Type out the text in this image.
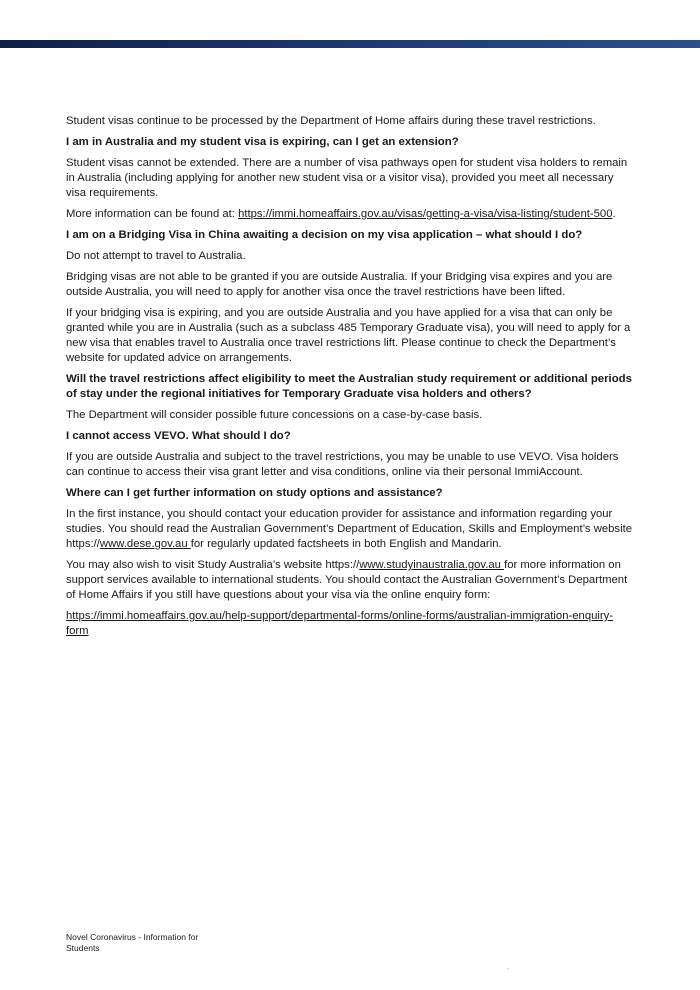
Student visas continue to be processed by the Department of Home affairs during these travel restrictions.

I am in Australia and my student visa is expiring, can I get an extension?

Student visas cannot be extended. There are a number of visa pathways open for student visa holders to remain in Australia (including applying for another new student visa or a visitor visa), provided you meet all necessary visa requirements.

More information can be found at: https://immi.homeaffairs.gov.au/visas/getting-a-visa/visa-listing/student-500.

I am on a Bridging Visa in China awaiting a decision on my visa application – what should I do?

Do not attempt to travel to Australia.

Bridging visas are not able to be granted if you are outside Australia. If your Bridging visa expires and you are outside Australia, you will need to apply for another visa once the travel restrictions have been lifted.

If your bridging visa is expiring, and you are outside Australia and you have applied for a visa that can only be granted while you are in Australia (such as a subclass 485 Temporary Graduate visa), you will need to apply for a new visa that enables travel to Australia once travel restrictions lift. Please continue to check the Department’s website for updated advice on arrangements.

Will the travel restrictions affect eligibility to meet the Australian study requirement or additional periods of stay under the regional initiatives for Temporary Graduate visa holders and others?

The Department will consider possible future concessions on a case-by-case basis.

I cannot access VEVO. What should I do?

If you are outside Australia and subject to the travel restrictions, you may be unable to use VEVO. Visa holders can continue to access their visa grant letter and visa conditions, online via their personal ImmiAccount.

Where can I get further information on study options and assistance?

In the first instance, you should contact your education provider for assistance and information regarding your studies. You should read the Australian Government’s Department of Education, Skills and Employment’s website https://www.dese.gov.au for regularly updated factsheets in both English and Mandarin.

You may also wish to visit Study Australia’s website https://www.studyinaustralia.gov.au for more information on support services available to international students. You should contact the Australian Government’s Department of Home Affairs if you still have questions about your visa via the online enquiry form:

https://immi.homeaffairs.gov.au/help-support/departmental-forms/online-forms/australian-immigration-enquiry-form

Novel Coronavirus - Information for
Students
-
